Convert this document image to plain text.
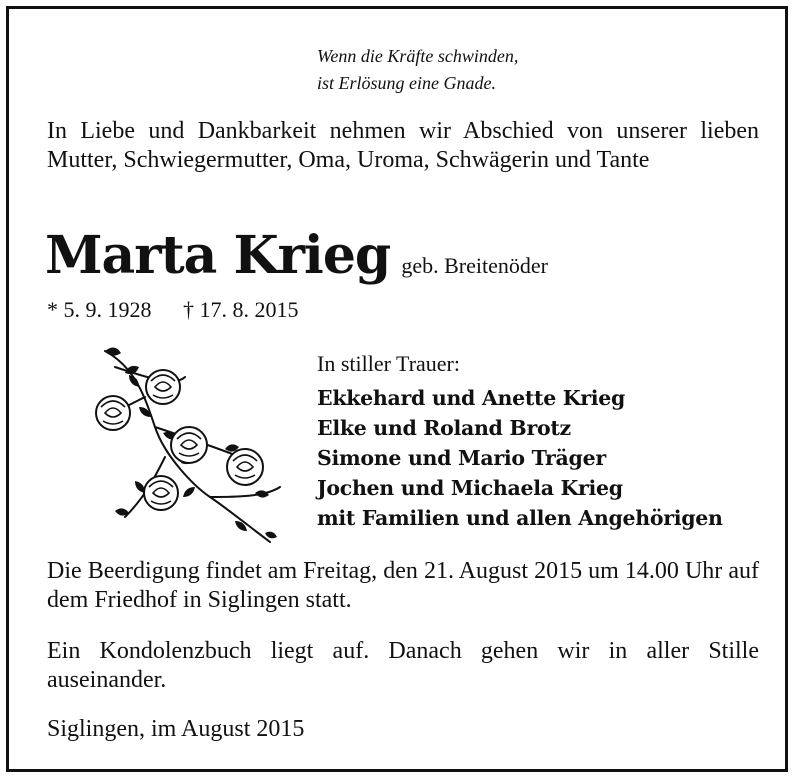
Wenn die Kräfte schwinden,
ist Erlösung eine Gnade.
In Liebe und Dankbarkeit nehmen wir Abschied von unserer lieben Mutter, Schwiegermutter, Oma, Uroma, Schwägerin und Tante
Marta Krieg geb. Breitenöder
* 5. 9. 1928 † 17. 8. 2015
In stiller Trauer:
Ekkehard und Anette Krieg
Elke und Roland Brotz
Simone und Mario Träger
Jochen und Michaela Krieg
mit Familien und allen Angehörigen
Die Beerdigung findet am Freitag, den 21. August 2015 um 14.00 Uhr auf dem Friedhof in Siglingen statt.
Ein Kondolenzbuch liegt auf. Danach gehen wir in aller Stille auseinander.
Siglingen, im August 2015
